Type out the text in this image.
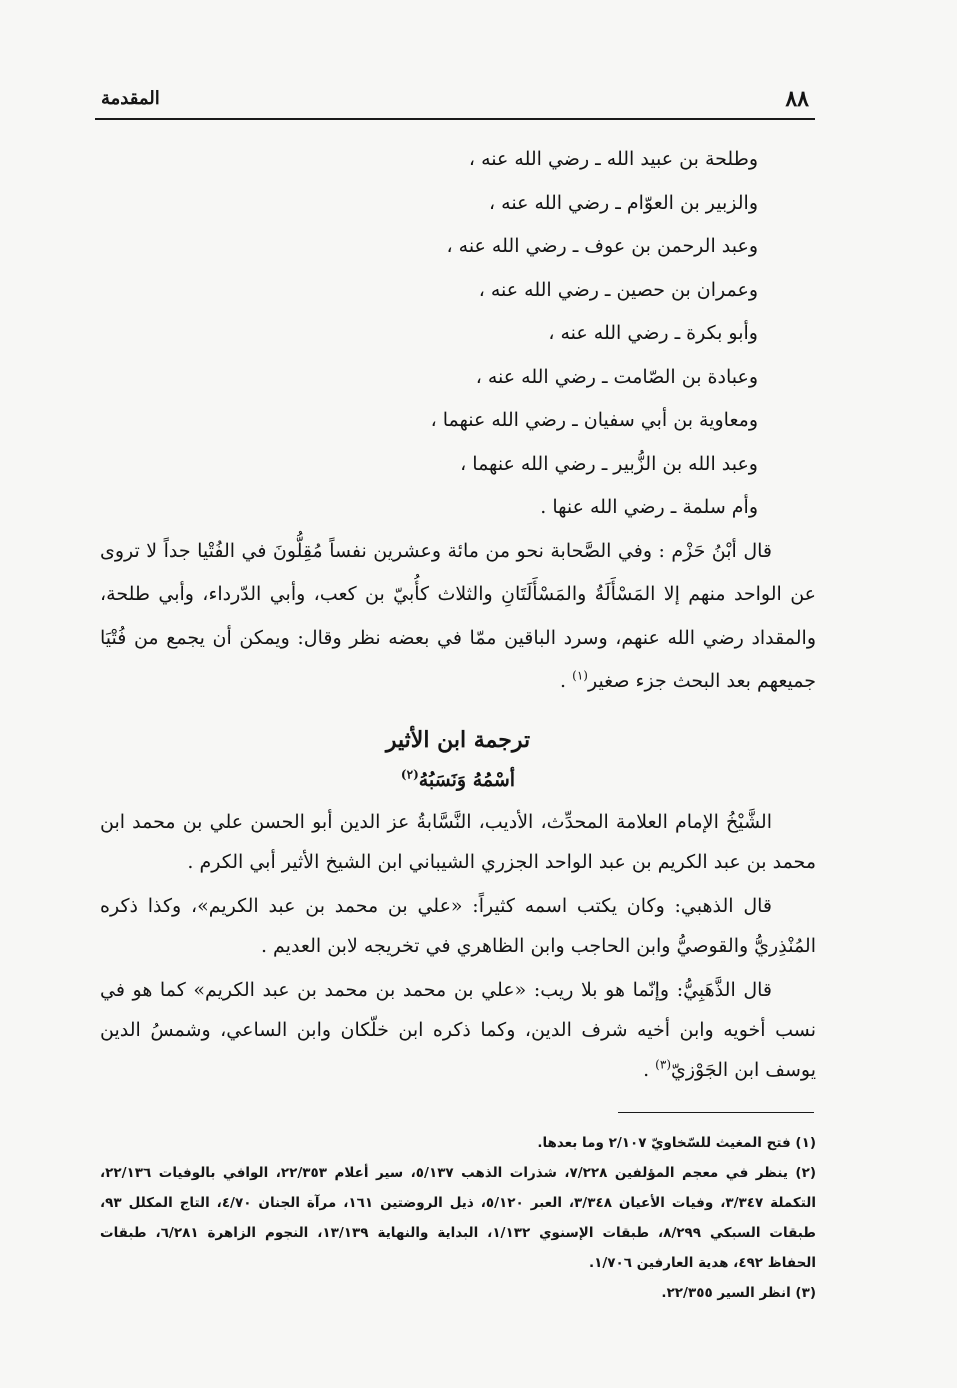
٨٨
المقدمة

وطلحة بن عبيد الله ـ رضي الله عنه ،

والزبير بن العوّام ـ رضي الله عنه ،

وعبد الرحمن بن عوف ـ رضي الله عنه ،

وعمران بن حصين ـ رضي الله عنه ،

وأبو بكرة ـ رضي الله عنه ،

وعبادة بن الصّامت ـ رضي الله عنه ،

ومعاوية بن أبي سفيان ـ رضي الله عنهما ،

وعبد الله بن الزُّبير ـ رضي الله عنهما ،

وأم سلمة ـ رضي الله عنها .

قال أبْنُ حَزْم : وفي الصَّحابة نحو من مائة وعشرين نفساً مُقِلُّونَ في الفُتْيا جداً لا تروى عن الواحد منهم إلا المَسْأَلَةُ والمَسْأَلَتَانِ والثلاث كأُبيّ بن كعب، وأبي الدّرداء، وأبي طلحة، والمقداد رضي الله عنهم، وسرد الباقين ممّا في بعضه نظر وقال: ويمكن أن يجمع من فُتْيَا جميعهم بعد البحث جزء صغير$^{(١)}$ .

ترجمة ابن الأثير
أسْمُهُ وَنَسَبُهُ$^{(٢)}$

الشَّيْخُ الإمام العلامة المحدِّث، الأديب، النَّسَّابةُ عز الدين أبو الحسن علي بن محمد ابن محمد بن عبد الكريم بن عبد الواحد الجزري الشيباني ابن الشيخ الأثير أبي الكرم .

قال الذهبي: وكان يكتب اسمه كثيراً: «علي بن محمد بن عبد الكريم»، وكذا ذكره المُنْذِريُّ والقوصيُّ وابن الحاجب وابن الظاهري في تخريجه لابن العديم .

قال الذَّهَبِيُّ: وإنّما هو بلا ريب: «علي بن محمد بن محمد بن عبد الكريم» كما هو في نسب أخويه وابن أخيه شرف الدين، وكما ذكره ابن خلّكان وابن الساعي، وشمسُ الدين يوسف ابن الجَوْزيّ$^{(٣)}$ .

(١) فتح المغيث للسّخاويّ ٢/١٠٧ وما بعدها.

(٢) ينظر في معجم المؤلفين ٧/٢٢٨، شذرات الذهب ٥/١٣٧، سير أعلام ٢٢/٣٥٣، الوافي بالوفيات ٢٢/١٣٦، التكملة ٣/٣٤٧، وفيات الأعيان ٣/٣٤٨، العبر ٥/١٢٠، ذيل الروضتين ١٦١، مرآة الجنان ٤/٧٠، التاج المكلل ٩٣، طبقات السبكي ٨/٢٩٩، طبقات الإسنوي ١/١٣٢، البداية والنهاية ١٣/١٣٩، النجوم الزاهرة ٦/٢٨١، طبقات الحفاظ ٤٩٢، هدية العارفين ١/٧٠٦.

(٣) انظر السير ٢٢/٣٥٥.
